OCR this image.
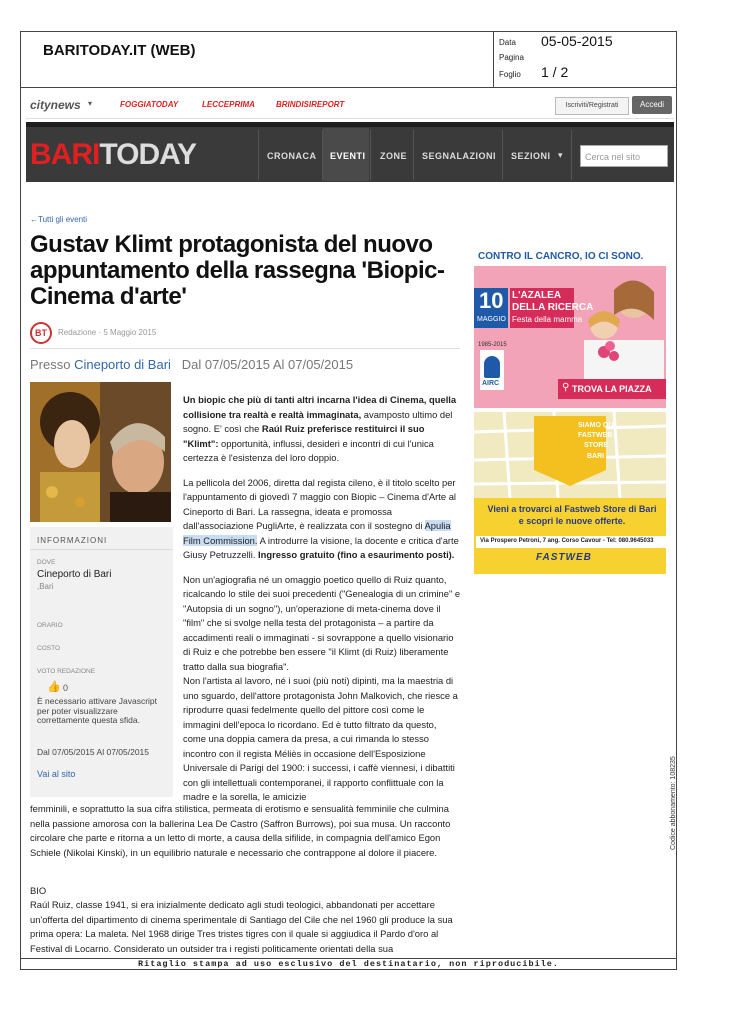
BARITODAY.IT (WEB)	Data 05-05-2015
Pagina
Foglio 1 / 2
citynews ▾	FOGGIATODAY	LECCEPRIMA	BRINDISIREPORT	Iscriviti/Registrati	Accedi
BARITODAY	CRONACA EVENTI ZONE SEGNALAZIONI SEZIONI ▾	Cerca nel sito
←Tutti gli eventi
Gustav Klimt protagonista del nuovo appuntamento della rassegna 'Biopic- Cinema d'arte'
BT	Redazione · 5 Maggio 2015
Presso Cineporto di Bari Dal 07/05/2015 Al 07/05/2015
INFORMAZIONI
DOVE
Cineporto di Bari
,Bari
ORARIO
COSTO
VOTO REDAZIONE
👍 0
È necessario attivare Javascript per poter visualizzare correttamente questa sfida.
Dal 07/05/2015 Al 07/05/2015
Vai al sito

Un biopic che più di tanti altri incarna l'idea di Cinema, quella collisione tra realtà e realtà immaginata, avamposto ultimo del sogno. E' così che Raúl Ruiz preferisce restituirci il suo "Klimt": opportunità, influssi, desideri e incontri di cui l'unica certezza è l'esistenza del loro doppio.

La pellicola del 2006, diretta dal regista cileno, è il titolo scelto per l'appuntamento di giovedì 7 maggio con Biopic – Cinema d'Arte al Cineporto di Bari. La rassegna, ideata e promossa dall'associazione PugliArte, è realizzata con il sostegno di Apulia Film Commission. A introdurre la visione, la docente e critica d'arte Giusy Petruzzelli. Ingresso gratuito (fino a esaurimento posti).

Non un'agiografia né un omaggio poetico quello di Ruiz quanto, ricalcando lo stile dei suoi precedenti ("Genealogia di un crimine" e "Autopsia di un sogno"), un'operazione di meta-cinema dove il "film" che si svolge nella testa del protagonista – a partire da accadimenti reali o immaginati - si sovrappone a quello visionario di Ruiz e che potrebbe ben essere "il Klimt (di Ruiz) liberamente tratto dalla sua biografia".

Non l'artista al lavoro, né i suoi (più noti) dipinti, ma la maestria di uno sguardo, dell'attore protagonista John Malkovich, che riesce a riprodurre quasi fedelmente quello del pittore così come le immagini dell'epoca lo ricordano. Ed è tutto filtrato da questo, come una doppia camera da presa, a cui rimanda lo stesso incontro con il regista Méliès in occasione dell'Esposizione Universale di Parigi del 1900: i successi, i caffè viennesi, i dibattiti con gli intellettuali contemporanei, il rapporto conflittuale con la madre e la sorella, le amicizie

femminili, e soprattutto la sua cifra stilistica, permeata di erotismo e sensualità femminile che culmina nella passione amorosa con la ballerina Lea De Castro (Saffron Burrows), poi sua musa. Un racconto circolare che parte e ritorna a un letto di morte, a causa della sifilide, in compagnia dell'amico Egon Schiele (Nikolai Kinski), in un equilibrio naturale e necessario che contrappone al dolore il piacere.
BIO
Raúl Ruiz, classe 1941, si era inizialmente dedicato agli studi teologici, abbandonati per accettare un'offerta del dipartimento di cinema sperimentale di Santiago del Cile che nel 1960 gli produce la sua prima opera: La maleta. Nel 1968 dirige Tres tristes tigres con il quale si aggiudica il Pardo d'oro al Festival di Locarno. Considerato un outsider tra i registi politicamente orientati della sua
CONTRO IL CANCRO, IO CI SONO.
10
MAGGIO
L'AZALEA
DELLA RICERCA
Festa della mamma
1985-2015
AIRC
TROVA LA PIAZZA
⚲
SIAMO QUI
FASTWEB
STORE
BARI
Vieni a trovarci al Fastweb Store di Bari
e scopri le nuove offerte.
Via Prospero Petroni, 7 ang. Corso Cavour - Tel: 080.9645033
FASTWEB
Ritaglio stampa ad uso esclusivo del destinatario, non riproducibile.
Codice abbonamento: 108235
